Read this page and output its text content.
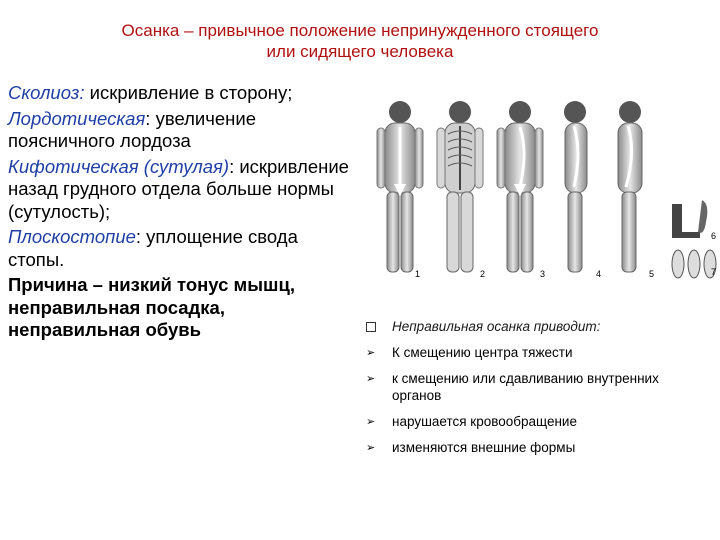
Осанка – привычное положение непринужденного стоящего
или сидящего человека
Сколиоз: искривление в сторону;
Лордотическая: увеличение поясничного лордоза
Кифотическая (сутулая): искривление назад грудного отдела больше нормы (сутулость);
Плоскостопие: уплощение свода стопы.
Причина – низкий тонус мышц, неправильная посадка, неправильная обувь
1	2	3	4	5
6
7
Неправильная осанка приводит:
➢ К смещению центра тяжести
➢ к смещению или сдавливанию внутренних органов
➢ нарушается кровообращение
➢ изменяются внешние формы
